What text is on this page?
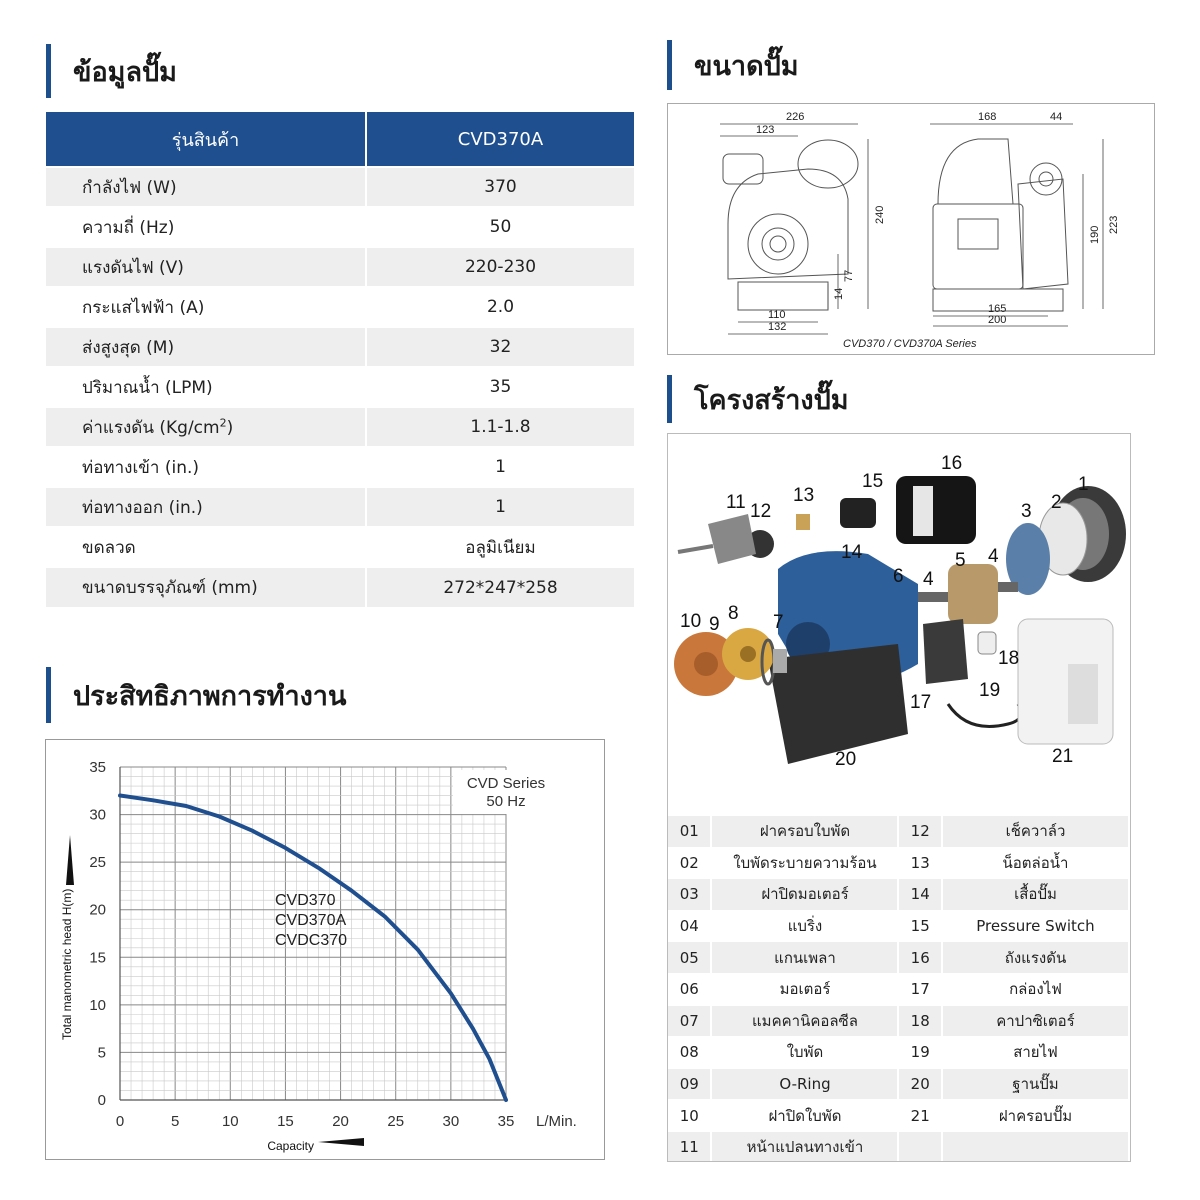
ข้อมูลปั๊ม	ขนาดปั๊ม
โครงสร้างปั๊ม
ประสิทธิภาพการทำงาน
รุ่นสินค้า	CVD370A
กำลังไฟ (W)	370
ความถี่ (Hz)	50
แรงดันไฟ (V)	220-230
กระแสไฟฟ้า (A)	2.0
ส่งสูงสุด (M)	32
ปริมาณน้ำ (LPM)	35
ค่าแรงดัน $(Kg/cm^2)$	1.1-1.8
ท่อทางเข้า (in.)	1
ท่อทางออก (in.)	1
ขดลวด	อลูมิเนียม
ขนาดบรรจุภัณฑ์ (mm)	272*247*258
226
123
240
77
14
110
132
168	44
190
223
165
200
CVD370 / CVD370A Series
1
2
3
4
4
5
6
7
8
9
10
11 12
13
14
15
16
17
18
19
20	21
01	ฝาครอบใบพัด	12	เช็ควาล์ว
02	ใบพัดระบายความร้อน	13	น็อตล่อน้ำ
03	ฝาปิดมอเตอร์	14	เสื้อปั๊ม
04	แบริ่ง	15	Pressure Switch
05	แกนเพลา	16	ถังแรงดัน
06	มอเตอร์	17	กล่องไฟ
07	แมคคานิคอลซีล	18	คาปาซิเตอร์
08	ใบพัด	19	สายไฟ
09	O-Ring	20	ฐานปั๊ม
10	ฝาปิดใบพัด	21	ฝาครอบปั๊ม
11	หน้าแปลนทางเข้า		
0	5	10	15	20	25	30	35
0
5
10
15
20
25
30
35
CVD370
CVD370A
CVDC370
CVD Series
50 Hz
Capacity
L/Min.
Total manometric head H(m)
